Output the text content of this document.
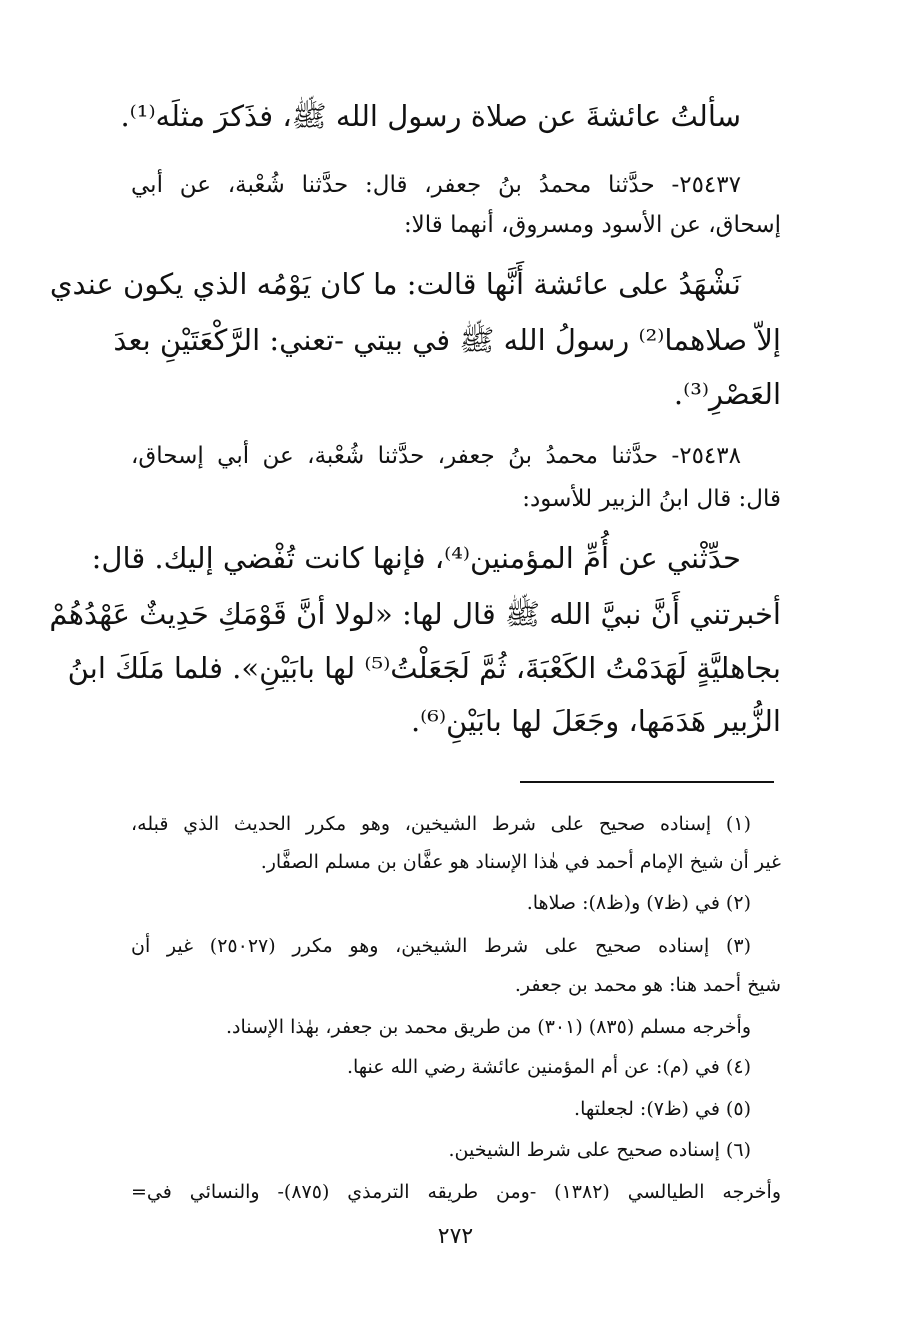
سألتُ عائشةَ عن صلاة رسول الله ﷺ، فذَكرَ مثلَه⁽¹⁾.
٢٥٤٣٧- حدَّثنا محمدُ بنُ جعفر، قال: حدَّثنا شُعْبة، عن أبي
إسحاق، عن الأسود ومسروق، أنهما قالا:
نَشْهَدُ على عائشة أَنَّها قالت: ما كان يَوْمُه الذي يكون عندي
إلاّ صلاهما⁽²⁾ رسولُ الله ﷺ في بيتي -تعني: الرَّكْعَتَيْنِ بعدَ
العَصْرِ⁽³⁾.
٢٥٤٣٨- حدَّثنا محمدُ بنُ جعفر، حدَّثنا شُعْبة، عن أبي إسحاق،
قال: قال ابنُ الزبير للأسود:
حدِّثْني عن أُمِّ المؤمنين⁽⁴⁾، فإنها كانت تُفْضي إليك. قال:
أخبرتني أَنَّ نبيَّ الله ﷺ قال لها: «لولا أنَّ قَوْمَكِ حَدِيثٌ عَهْدُهُمْ
بجاهليَّةٍ لَهَدَمْتُ الكَعْبَةَ، ثُمَّ لَجَعَلْتُ⁽⁵⁾ لها بابَيْنِ». فلما مَلَكَ ابنُ
الزُّبير هَدَمَها، وجَعَلَ لها بابَيْنِ⁽⁶⁾.
(١) إسناده صحيح على شرط الشيخين، وهو مكرر الحديث الذي قبله،
غير أن شيخ الإمام أحمد في هٰذا الإسناد هو عفَّان بن مسلم الصفَّار.
(٢) في (ظ٧) و(ظ٨): صلاها.
(٣) إسناده صحيح على شرط الشيخين، وهو مكرر (٢٥٠٢٧) غير أن
شيخ أحمد هنا: هو محمد بن جعفر.
وأخرجه مسلم (٨٣٥) (٣٠١) من طريق محمد بن جعفر، بهٰذا الإسناد.
(٤) في (م): عن أم المؤمنين عائشة رضي الله عنها.
(٥) في (ظ٧): لجعلتها.
(٦) إسناده صحيح على شرط الشيخين.
وأخرجه الطيالسي (١٣٨٢) -ومن طريقه الترمذي (٨٧٥)- والنسائي في=
٢٧٢
